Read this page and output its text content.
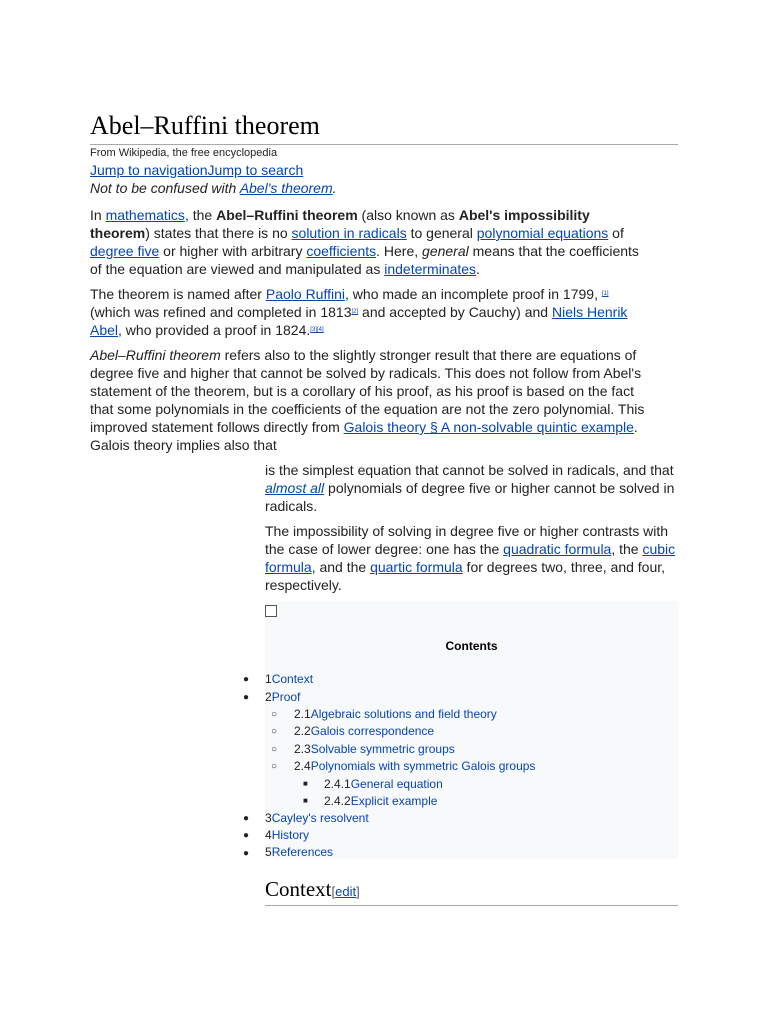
Abel–Ruffini theorem
From Wikipedia, the free encyclopedia
Jump to navigationJump to search
Not to be confused with Abel's theorem.

In mathematics, the Abel–Ruffini theorem (also known as Abel's impossibility theorem) states that there is no solution in radicals to general polynomial equations of degree five or higher with arbitrary coefficients. Here, general means that the coefficients of the equation are viewed and manipulated as indeterminates.

The theorem is named after Paolo Ruffini, who made an incomplete proof in 1799, [1] (which was refined and completed in 1813[2] and accepted by Cauchy) and Niels Henrik Abel, who provided a proof in 1824.[3][4]

Abel–Ruffini theorem refers also to the slightly stronger result that there are equations of degree five and higher that cannot be solved by radicals. This does not follow from Abel's statement of the theorem, but is a corollary of his proof, as his proof is based on the fact that some polynomials in the coefficients of the equation are not the zero polynomial. This improved statement follows directly from Galois theory § A non-solvable quintic example. Galois theory implies also that

is the simplest equation that cannot be solved in radicals, and that almost all polynomials of degree five or higher cannot be solved in radicals.

The impossibility of solving in degree five or higher contrasts with the case of lower degree: one has the quadratic formula, the cubic formula, and the quartic formula for degrees two, three, and four, respectively.

Contents
●
●
○
○
○
○
■
■
●
●
●
1Context
2Proof
2.1Algebraic solutions and field theory
2.2Galois correspondence
2.3Solvable symmetric groups
2.4Polynomials with symmetric Galois groups
2.4.1General equation
2.4.2Explicit example
3Cayley's resolvent
4History
5References
Context[edit]
